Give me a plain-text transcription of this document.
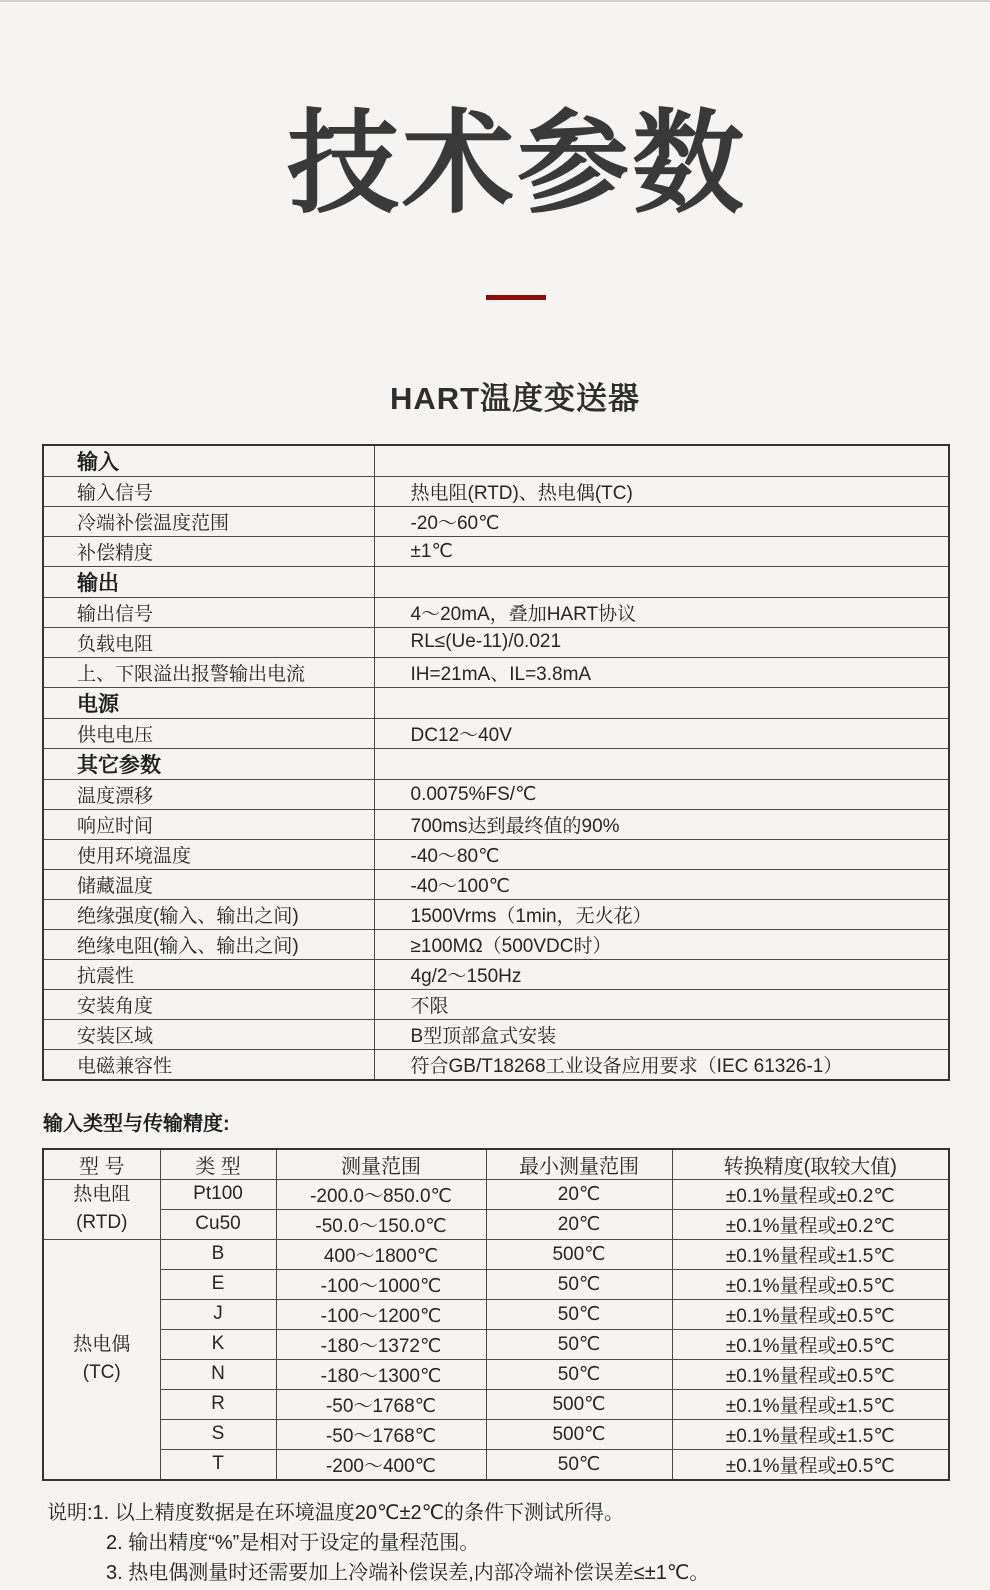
技术参数
HART温度变送器
输入	
输入信号	热电阻(RTD)、热电偶(TC)
冷端补偿温度范围	-20～60℃
补偿精度	±1℃
输出	
输出信号	4～20mA，叠加HART协议
负载电阻	RL≤(Ue-11)/0.021
上、下限溢出报警输出电流	IH=21mA、IL=3.8mA
电源	
供电电压	DC12～40V
其它参数	
温度漂移	0.0075%FS/℃
响应时间	700ms达到最终值的90%
使用环境温度	-40～80℃
储藏温度	-40～100℃
绝缘强度(输入、输出之间)	1500Vrms（1min，无火花）
绝缘电阻(输入、输出之间)	≥100MΩ（500VDC时）
抗震性	4g/2～150Hz
安装角度	不限
安装区域	B型顶部盒式安装
电磁兼容性	符合GB/T18268工业设备应用要求（IEC 61326-1）
输入类型与传输精度:
型 号	类 型	测量范围	最小测量范围	转换精度(取较大值)

热电阻
(RTD)	Pt100	-200.0～850.0℃	20℃	±0.1%量程或±0.2℃
	Cu50	-50.0～150.0℃	20℃	±0.1%量程或±0.2℃

热电偶
(TC)	B	400～1800℃	500℃	±0.1%量程或±1.5℃
	E	-100～1000℃	50℃	±0.1%量程或±0.5℃
	J	-100～1200℃	50℃	±0.1%量程或±0.5℃
	K	-180～1372℃	50℃	±0.1%量程或±0.5℃
	N	-180～1300℃	50℃	±0.1%量程或±0.5℃
	R	-50～1768℃	500℃	±0.1%量程或±1.5℃
	S	-50～1768℃	500℃	±0.1%量程或±1.5℃
	T	-200～400℃	50℃	±0.1%量程或±0.5℃
说明:1. 以上精度数据是在环境温度20℃±2℃的条件下测试所得。
2. 输出精度“%”是相对于设定的量程范围。
3. 热电偶测量时还需要加上冷端补偿误差,内部冷端补偿误差≤±1℃。
